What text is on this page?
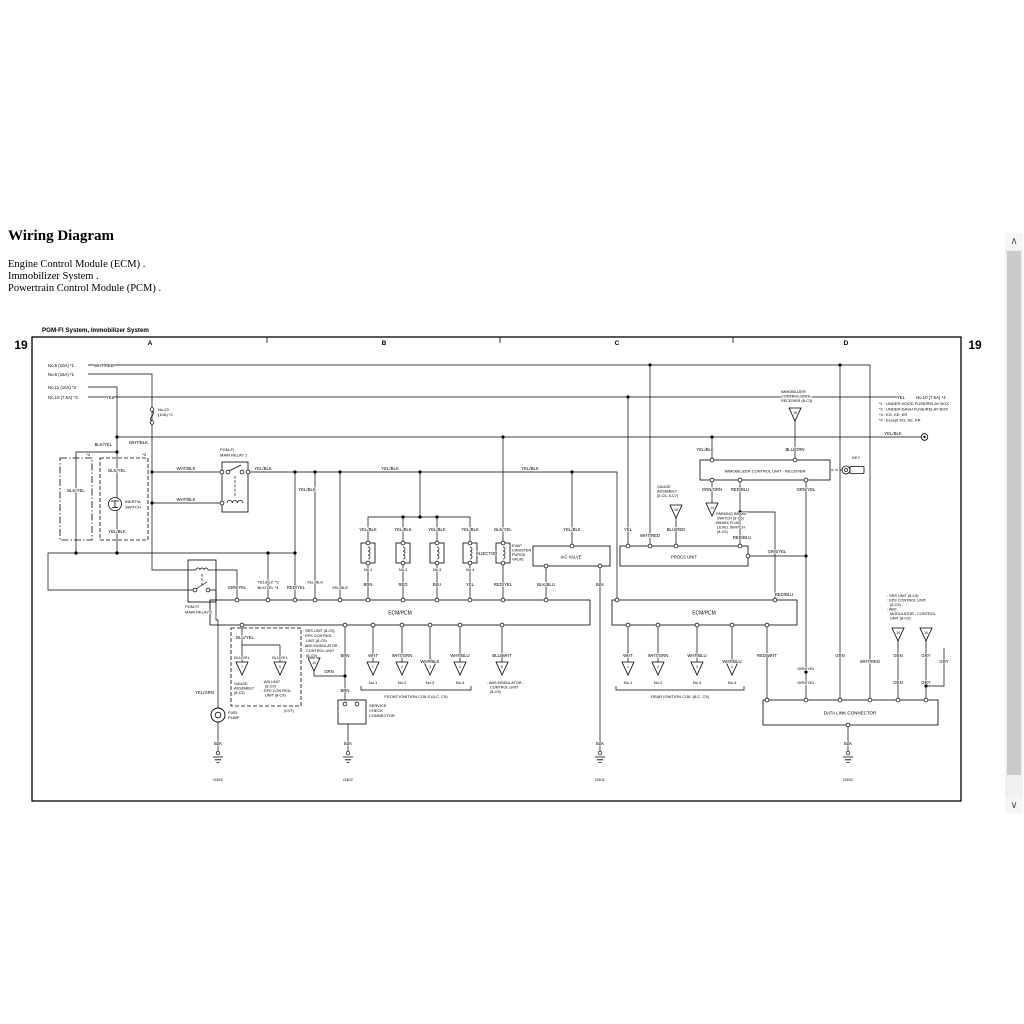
Wiring Diagram

Engine Control Module (ECM) .

Immobilizer System .

Powertrain Control Module (PCM) .

15
10	14
7	9
14
1	2	3	4	8	1	2	3	4
14	15
PGM-FI System, Immobilizer System
19	19
A	B	C	D
No.5 (10A) *1	WHT/RED
No.6 (15A) *1
No.11 (10A) *2
No.10 (7.5A) *3	YEL	YEL	No.10 (7.5A) *4
*1 : UNDER-HOOD FUSE/RELAY BOX
*2 : UNDER-DASH FUSE/RELAY BOX
*3 : KG, KE, KR
*4 : Except KG, KE, KR
YEL/BLK
BLK/YEL
No.23
(10A) *2
WHT/BLK
PGM-FI
MAIN RELAY 1
WHT/BLK
WHT/BLK
YEL/BLK	YEL/BLK	YEL/BLK
YEL/BLK
*4	*3
BLK/YEL
BLK/YEL
INERTIA
SWITCH
YEL/BLK
PGM-FI
MAIN RELAY 2
GRN/YEL
YEL/BLK *3
BLK/YEL *4 RED/YEL
YEL/BLK
YEL/BLK
YEL/BLK	YEL/BLK	YEL/BLK	YEL/BLK
INJECTOR
No.1	No.2	No.3	No.4
BRN	RED	BLU	YEL
BLK/YEL
EVAP
CANISTER
PURGE
VALVE
RED/YEL
YEL/BLK
IAC VALVE
BLK/BLU	BLK
YEL
WHT/RED
BLU/RED
GAUGE
ASSEMBLY
(8-C5, 8-C7)
PROCS UNIT
GRN/YEL
IMMOBILIZER
CONTROL UNIT -
RECEIVER (8-C3)
YEL/BLK	BLU/ORN
IMMOBILIZER CONTROL UNIT - RECEIVER
KEY
GRN/ORN RED/BLU	GRN/YEL
: PARKING BRAKE
SWITCH (8-C6)
: BRAKE FLUID
LEVEL SWITCH
(8-C5)
RED/BLU
RED/BLU
ECM/PCM	ECM/PCM
: SRS UNIT (8-C9)
: EPS CONTROL
UNIT (8-C9)
: ABS MODULATOR -
CONTROL UNIT
(8-C9)
BLU/YEL
BLU/YEL	BLU/YEL
GAUGE
ASSEMBLY
(8-C5)
: A/N UNIT
(8-C9)
: EPS CONTROL
UNIT (8-C9)
(CVT)
YEL/GRN
FUEL
PUMP
BLK
BRN
GRN
BRN
SERVICE
CHECK
CONNECTOR
BLK
WHT	WHT/GRN
WHT/BLK
WHT/BLU	BLU/WHT
No.1	No.2	No.3	No.4
FRONT IGNITION COILS (8-C, C9)
: ABS MODULATOR -
CONTROL UNIT
(8-C9)
WHT	WHT/GRN	WHT/BLU
WHT/BLU
RED/WHT
No.1	No.2	No.3	No.4
REAR IGNITION COIL (8-C, C9)
GRN/YEL
GRN/YEL
GRN
WHT/RED
GRN	GRY
GRY
GRN	GRY
: SRS UNIT (8-C9)
: EPS CONTROL UNIT
(8-C9)
: ABS
MODULATOR - CONTROL
UNIT (8-C9)
DATA LINK CONNECTOR
BLK
BLK
G452	G402	G401	G452
∧
∨
